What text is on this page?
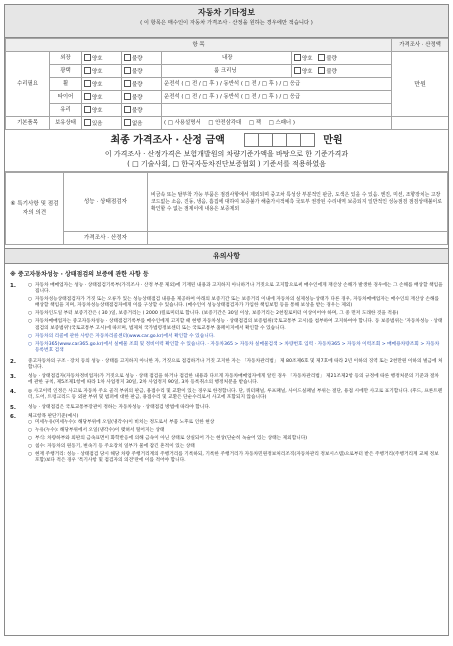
자동차 기타정보
( 이 항목은 매수인이 자동차 가격조사 · 산정을 원하는 경우에만 적습니다 )
항 목						가격조사 · 산정액
수리필요	외장	양호	불량	내장	양호 불량	만원
	광택	양호	불량	룸 크리닝	양호 불량	
	휠	양호	불량	운전석 ( □ 전 / □ 후 ) / 동반석 ( □ 전 / □ 후 ) / □ 응급		
	타이어	양호	불량	운전석 ( □ 전 / □ 후 ) / 동반석 ( □ 전 / □ 후 ) / □ 응급		
	유리	양호	불량			
기본품목	보유상태	있음	없음	( □ 사용설명서 □ 안전삼각대 □ 잭 □ 스패너 )		
최종 가격조사 · 산정 금액	만원
이 가격조사 · 산정가격은 보험개발원의 차량기준가액을 바탕으로 한 기준가격과
( □ 기술사회, □ 한국자동차진단보증협회 ) 기준서를 적용하였음
⑥ 특기사항 및 점검자의 의견	성능 · 상태점검자	비금속 또는 탈부착 가능 부품은 점검사항에서 제외되며 중고차 특성상 부분적인 판금, 도색은 있을 수 있음. 엔진, 미션, 조향장치는 고장코드없는 소음, 진동, 냉음, 흠집에 대하여 보증불가 해출가시적예측 국토부 권장된 수리내역 보증되지 일반적인 성능점검 점검상태불이로 확인할 수 없는 점제이에 내용은 보증제외
	가격조사 · 산정자	
유의사항
※ 중고자동차성능 · 상태점검의 보증에 관한 사항 등
1.	○ 자동차 매매업자는 성능 · 상태점검기록부(가격조사 · 산정 부분 제외)에 기재된 내용과 고지하지 아니하거나 거짓으로 고지함으로써 매수인에게 재산상 손해가 발생한 경우에는 그 손해를 배상할 책임을 집니다.
○ 자동차성능상태점검자가 거짓 또는 오류가 있는 성능상태점검 내용을 제공하여 아래의 보증기간 또는 보증거리 이내에 자동차의 실제성능·상태가 다른 경우, 자동차매매업자는 매수인의 재산상 손해를 배상할 책임을 지며, 자동차성능상태점검자에게 이를 구상할 수 있습니다. (매수인이 성능상태점검자가 가입한 책임보험 등을 통해 보상을 받는 경우는 제외)
○ 자동차인도일 부터 보증기간은 ( 30 )일, 보증거리는 ( 2000 )킬로미터로 합니다. (보증기간은 30일 이상, 보증거리는 2천킬로미터 이상이어야 하며, 그 중 먼저 도래한 것을 적용)
○ 자동차매매업자는 중고자동차성능 · 상태점검기록부를 매수인에게 고지할 때 현행 자동차성능 · 상태점검의 보증범위(국토교통부 고시)를 첨부하여 고지하여야 합니다. 동 보증범위는 '자동차성능 · 상태점검의 보증범위'(국토교통부 고시)에 따르며, 법제처 국가법령정보센터 또는 국토교통부 홈페이지에서 확인할 수 있습니다.
○ 자동차의 리콜에 관한 사항은 자동차리콜센터(www.car.go.kr)에서 확인할 수 있습니다.
○ 자동차365(www.car365.go.kr)에서 실매물 조회 및 정비이력 확인할 수 있습니다. · 자동차365 > 자동차 실매물검색 > 차량번호 입력 · 자동차365 > 자동차 이력조회 > 매매용차량조회 > 자동차등록번호 검색
2.	중고자동차의 구조 · 장치 등의 성능 · 상태를 고지하지 아니한 자, 거짓으로 점검하거나 거짓 고지한 자는 「자동차관리법」 제 80조제6호 및 제7호에 따라 2년 이하의 징역 또는 2천만원 이하의 벌금에 처합니다.
3.	성능 · 상태점검자(자동차정비업자)가 거짓으로 성능 · 상태 점검을 하거나 점검한 내용과 다르게 자동차매매업자에게 알린 경우 「자동차관리법」 제21조제2항 등의 규정에 따른 행정처분의 기준과 절차에 관한 규칙, 제5조제1항에 따라 1차 사업정지 30일, 2차 사업정지 90일, 3차 등록취소의 행정처분을 받습니다.
4.	◎ 사고이력 인정은 사고로 자동차 주요 골격 부위의 판금, 용접수리 및 교환이 있는 경우로 한정합니다. 단, 쿼터패널, 루프패널, 사이드실패널 부위는 절단, 용접 시에만 사고로 표기합니다. (후드, 프론트펜더, 도어, 트렁크리드 등 외판 부위 및 범퍼에 대한 판금, 용접수리 및 교환은 단순수리로서 사고에 포함되지 않습니다)
5.	성능 · 상태점검은 국토교통부장관이 정하는 자동차성능 · 상태점검 방법에 따라야 합니다.
6.	체크항목 판단기준(예시)
○ 미세누유(미세누수): 해당부위에 오일(냉각수)이 비치는 정도로서 부품 노후로 인한 현상
○ 누유(누수): 해당부위에서 오일(냉각수)이 맺혀서 떨어지는 상태
○ 부식: 차량하부와 외판의 금속표면이 화학반응에 의해 금속이 아닌 상태로 상실되어 가는 현상(단순히 녹슬어 있는 상태는 제외합니다)
○ 침수: 자동차의 원동기, 변속기 등 주요장치 일부가 물에 잠긴 흔적이 있는 상태
○ 현재 주행거리: 성능 · 상태점검 당시 해당 차량 주행거리계의 주행거리를 기록하되, 기록한 주행거리가 자동차민원정보처리조직(자동차관리 정보시스템)으로부터 받은 주행거리(주행거리계 교체 정보 포함)보다 적은 경우 '특기사항 및 점검자의 의견'란에 이를 적어야 합니다.
